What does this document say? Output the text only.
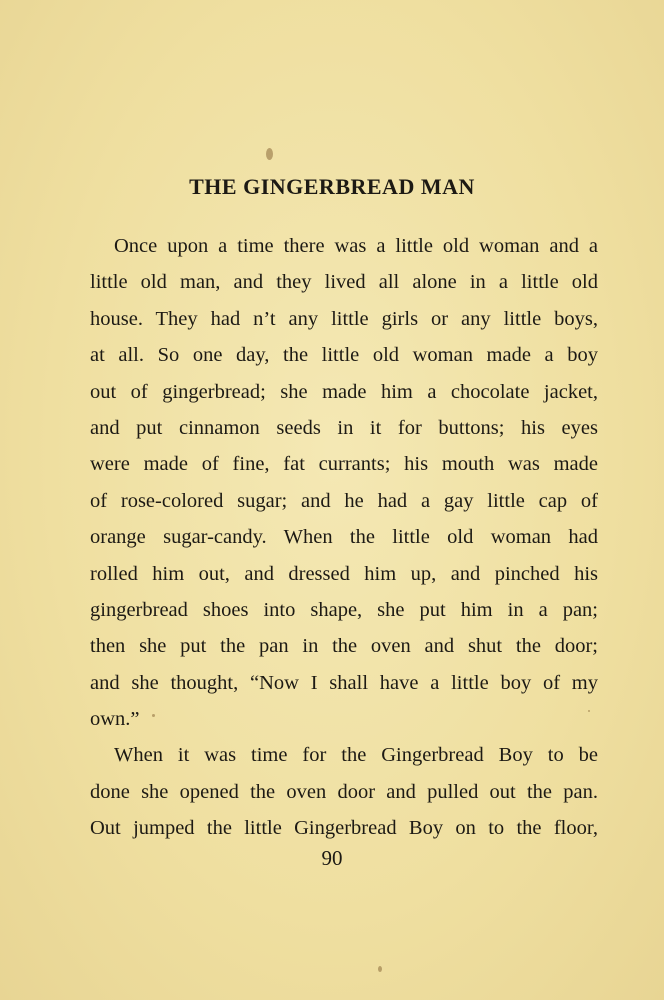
THE GINGERBREAD MAN
Once upon a time there was a little old woman and a
little old man, and they lived all alone in a little old
house. They had n’t any little girls or any little boys,
at all. So one day, the little old woman made a boy
out of gingerbread; she made him a chocolate jacket,
and put cinnamon seeds in it for buttons; his eyes
were made of fine, fat currants; his mouth was made
of rose-colored sugar; and he had a gay little cap of
orange sugar-candy. When the little old woman had
rolled him out, and dressed him up, and pinched his
gingerbread shoes into shape, she put him in a pan;
then she put the pan in the oven and shut the door;
and she thought, “Now I shall have a little boy of my
own.”
When it was time for the Gingerbread Boy to be
done she opened the oven door and pulled out the pan.
Out jumped the little Gingerbread Boy on to the floor,
90
